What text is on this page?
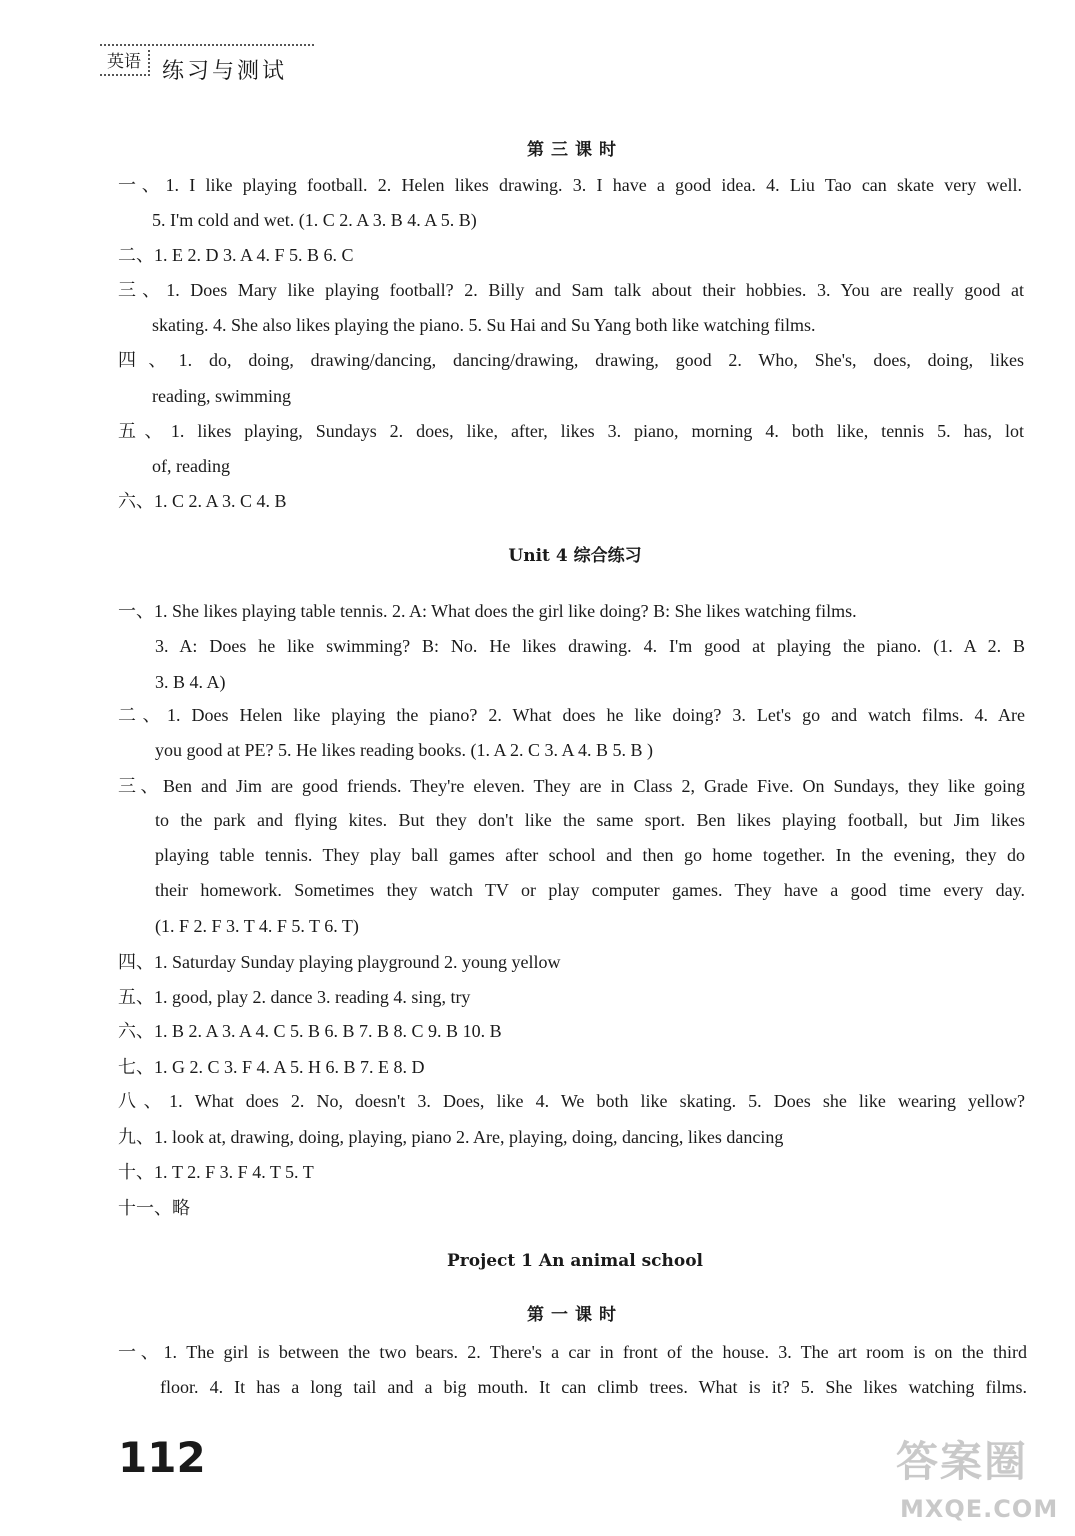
英语 练习与测试
第三课时
一、1. I like playing football. 2. Helen likes drawing. 3. I have a good idea. 4. Liu Tao can skate very well.
5. I'm cold and wet. (1. C 2. A 3. B 4. A 5. B)
二、1. E 2. D 3. A 4. F 5. B 6. C
三、1. Does Mary like playing football? 2. Billy and Sam talk about their hobbies. 3. You are really good at
skating. 4. She also likes playing the piano. 5. Su Hai and Su Yang both like watching films.
四、1. do, doing, drawing/dancing, dancing/drawing, drawing, good 2. Who, She's, does, doing, likes
reading, swimming
五、1. likes playing, Sundays 2. does, like, after, likes 3. piano, morning 4. both like, tennis 5. has, lot
of, reading
六、1. C 2. A 3. C 4. B
Unit 4 综合练习
一、1. She likes playing table tennis. 2. A: What does the girl like doing? B: She likes watching films.
3. A: Does he like swimming? B: No. He likes drawing. 4. I'm good at playing the piano. (1. A 2. B
3. B 4. A)
二、1. Does Helen like playing the piano? 2. What does he like doing? 3. Let's go and watch films. 4. Are
you good at PE? 5. He likes reading books. (1. A 2. C 3. A 4. B 5. B )
三、Ben and Jim are good friends. They're eleven. They are in Class 2, Grade Five. On Sundays, they like going
to the park and flying kites. But they don't like the same sport. Ben likes playing football, but Jim likes
playing table tennis. They play ball games after school and then go home together. In the evening, they do
their homework. Sometimes they watch TV or play computer games. They have a good time every day.
(1. F 2. F 3. T 4. F 5. T 6. T)
四、1. Saturday Sunday playing playground 2. young yellow
五、1. good, play 2. dance 3. reading 4. sing, try
六、1. B 2. A 3. A 4. C 5. B 6. B 7. B 8. C 9. B 10. B
七、1. G 2. C 3. F 4. A 5. H 6. B 7. E 8. D
八、1. What does 2. No, doesn't 3. Does, like 4. We both like skating. 5. Does she like wearing yellow?
九、1. look at, drawing, doing, playing, piano 2. Are, playing, doing, dancing, likes dancing
十、1. T 2. F 3. F 4. T 5. T
十一、略
Project 1 An animal school
第一课时
一、1. The girl is between the two bears. 2. There's a car in front of the house. 3. The art room is on the third
floor. 4. It has a long tail and a big mouth. It can climb trees. What is it? 5. She likes watching films.
112	答案圈
MXQE.COM
